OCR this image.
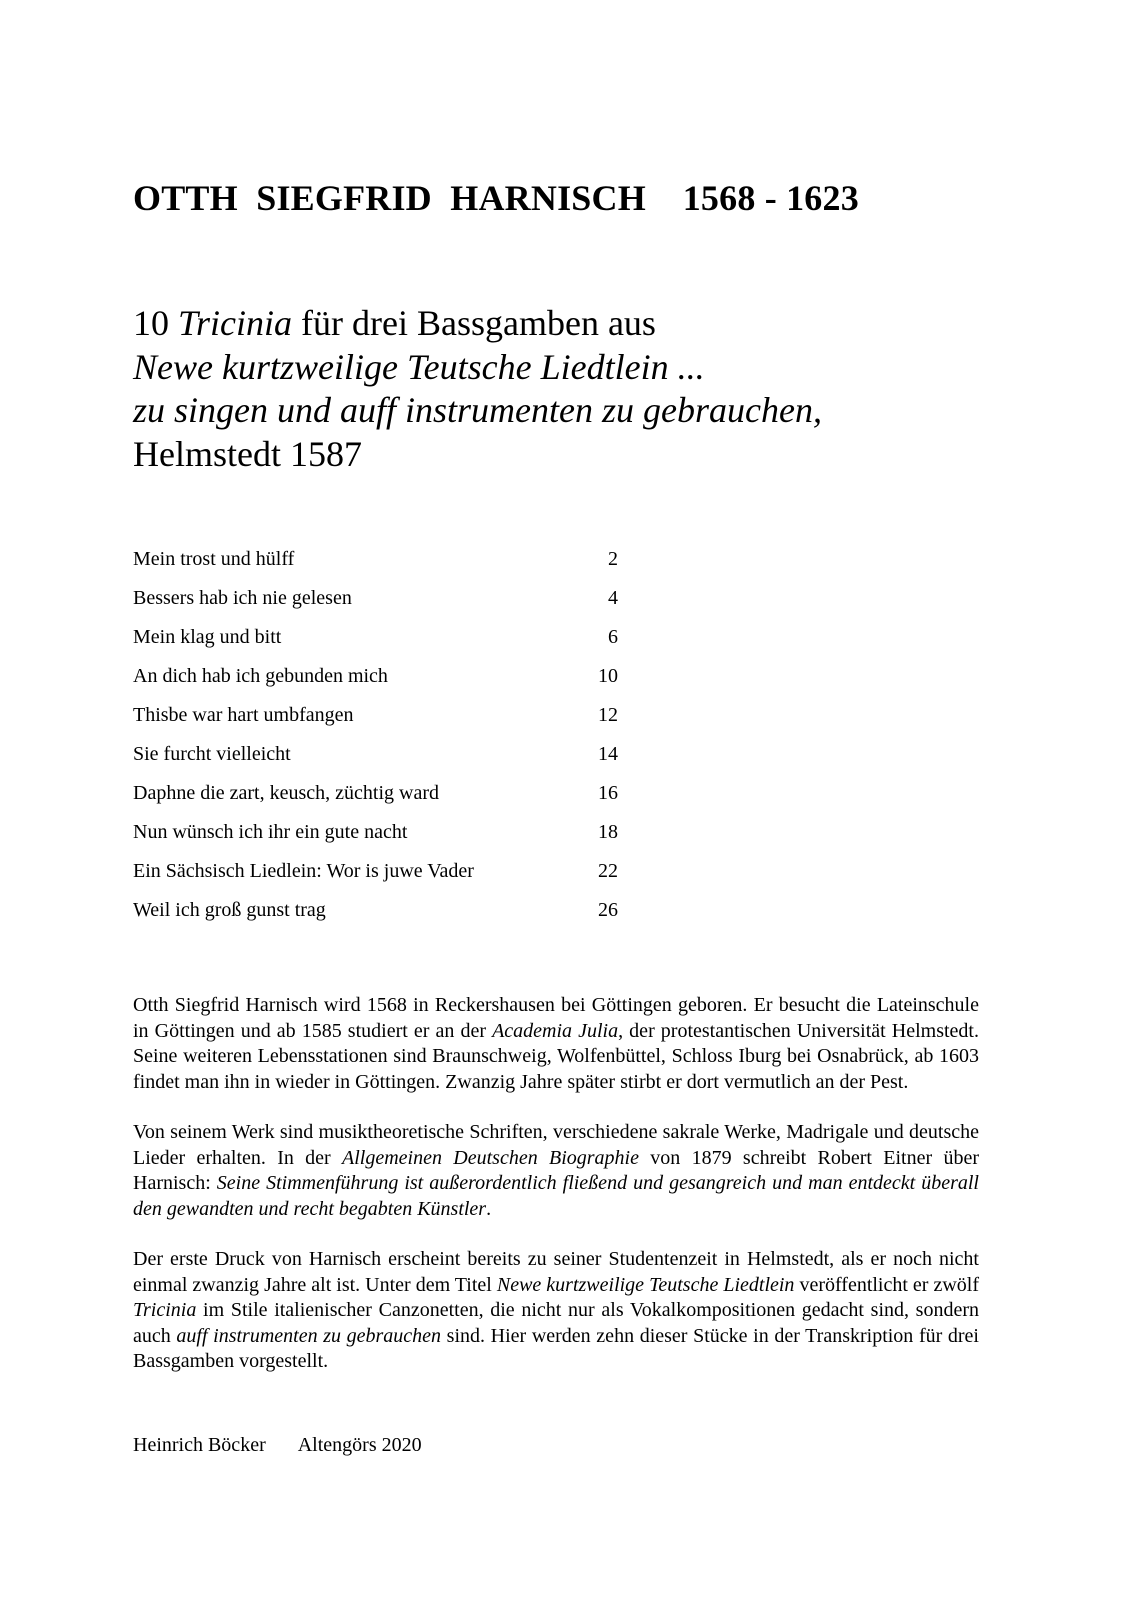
OTTH  SIEGFRID  HARNISCH 1568 - 1623
10 Tricinia für drei Bassgamben aus
Newe kurtzweilige Teutsche Liedtlein ...
zu singen und auff instrumenten zu gebrauchen,
Helmstedt 1587
Mein trost und hülff	2
Bessers hab ich nie gelesen	4
Mein klag und bitt	6
An dich hab ich gebunden mich	10
Thisbe war hart umbfangen	12
Sie furcht vielleicht	14
Daphne die zart, keusch, züchtig ward	16
Nun wünsch ich ihr ein gute nacht	18
Ein Sächsisch Liedlein: Wor is juwe Vader	22
Weil ich groß gunst trag	26

Otth Siegfrid Harnisch wird 1568 in Reckershausen bei Göttingen geboren. Er besucht die Lateinschule in Göttingen und ab 1585 studiert er an der Academia Julia, der protestantischen Universität Helmstedt. Seine weiteren Lebensstationen sind Braunschweig, Wolfenbüttel, Schloss Iburg bei Osnabrück, ab 1603 findet man ihn in wieder in Göttingen. Zwanzig Jahre später stirbt er dort vermutlich an der Pest.

Von seinem Werk sind musiktheoretische Schriften, verschiedene sakrale Werke, Madrigale und deutsche Lieder erhalten. In der Allgemeinen Deutschen Biographie von 1879 schreibt Robert Eitner über Harnisch: Seine Stimmenführung ist außerordentlich fließend und gesangreich und man entdeckt überall den gewandten und recht begabten Künstler.

Der erste Druck von Harnisch erscheint bereits zu seiner Studentenzeit in Helmstedt, als er noch nicht einmal zwanzig Jahre alt ist. Unter dem Titel Newe kurtzweilige Teutsche Liedtlein veröffentlicht er zwölf Tricinia im Stile italienischer Canzonetten, die nicht nur als Vokalkompositionen gedacht sind, sondern auch auff instrumenten zu gebrauchen sind. Hier werden zehn dieser Stücke in der Transkription für drei Bassgamben vorgestellt.

Heinrich Böcker Altengörs 2020
